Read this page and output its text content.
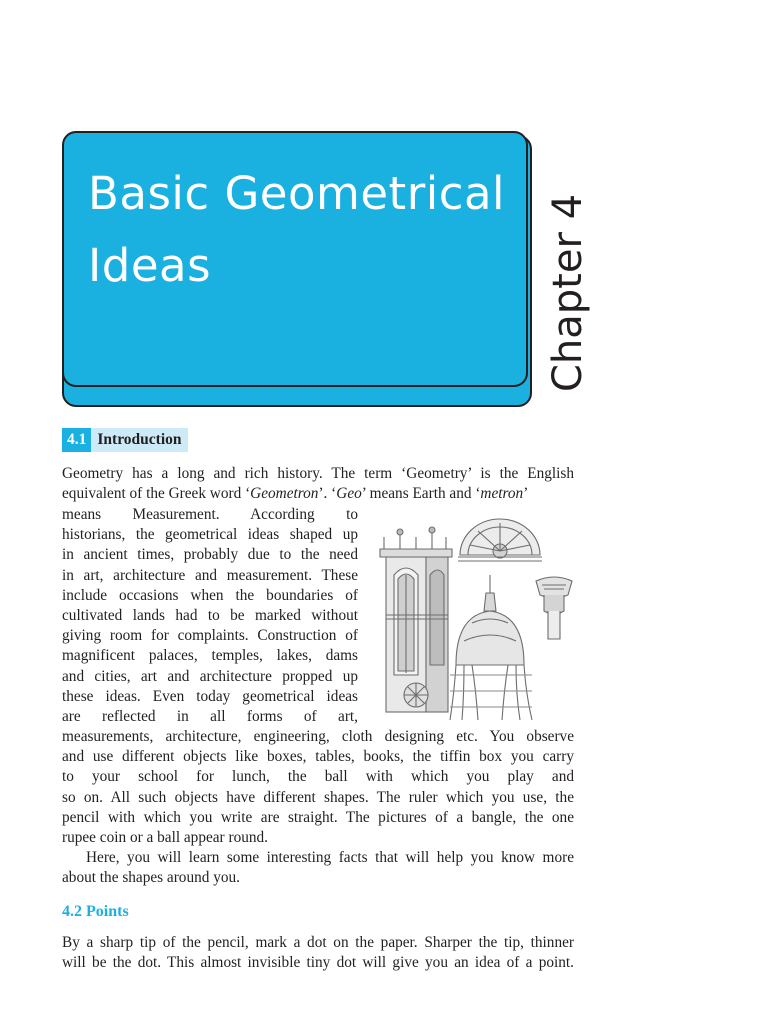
Basic Geometrical
Ideas	Chapter 4
4.1 Introduction
Geometry has a long and rich history. The term ‘Geometry’ is the English
equivalent of the Greek word ‘Geometron’. ‘Geo’ means Earth and ‘metron’
means Measurement. According to
historians, the geometrical ideas shaped up
in ancient times, probably due to the need
in art, architecture and measurement. These
include occasions when the boundaries of
cultivated lands had to be marked without
giving room for complaints. Construction of
magnificent palaces, temples, lakes, dams
and cities, art and architecture propped up
these ideas. Even today geometrical ideas
are reflected in all forms of art,
measurements, architecture, engineering, cloth designing etc. You observe
and use different objects like boxes, tables, books, the tiffin box you carry
to your school for lunch, the ball with which you play and
so on. All such objects have different shapes. The ruler which you use, the
pencil with which you write are straight. The pictures of a bangle, the one
rupee coin or a ball appear round.
Here, you will learn some interesting facts that will help you know more
about the shapes around you.
4.2 Points
By a sharp tip of the pencil, mark a dot on the paper. Sharper the tip, thinner
will be the dot. This almost invisible tiny dot will give you an idea of a point.
